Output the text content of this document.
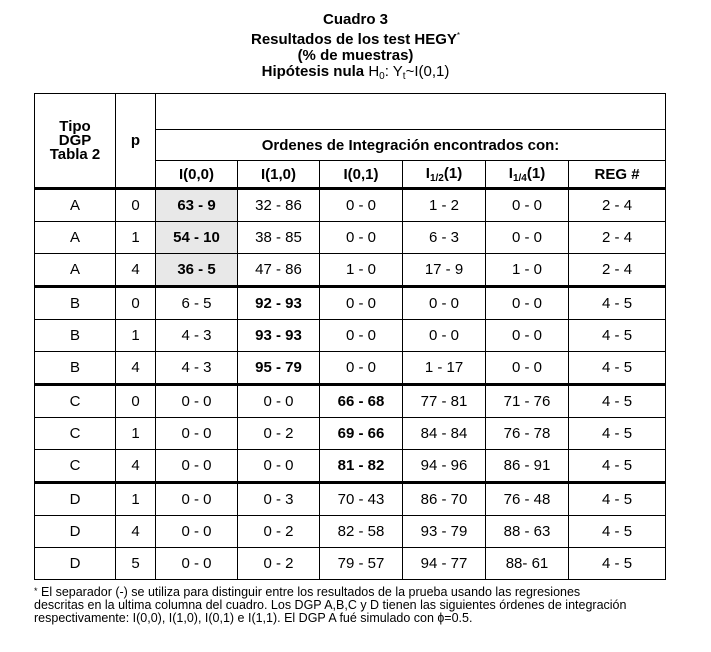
Cuadro 3
Resultados de los test HEGY*
(% de muestras)
Hipótesis nula $H_0$: $Y_t\sim I(0,1)$
Tipo
DGP
Tabla 2	p						
		Ordenes de Integración encontrados con:					
		I(0,0)	I(1,0)	I(0,1)	$I_{1/2}(1)$	$I_{1/4}(1)$	REG #
A	0	63 - 9	32 - 86	0 - 0	1 - 2	0 - 0	2 - 4
A	1	54 - 10	38 - 85	0 - 0	6 - 3	0 - 0	2 - 4
A	4	36 - 5	47 - 86	1 - 0	17 - 9	1 - 0	2 - 4
B	0	6 - 5	92 - 93	0 - 0	0 - 0	0 - 0	4 - 5
B	1	4 - 3	93 - 93	0 - 0	0 - 0	0 - 0	4 - 5
B	4	4 - 3	95 - 79	0 - 0	1 - 17	0 - 0	4 - 5
C	0	0 - 0	0 - 0	66 - 68	77 - 81	71 - 76	4 - 5
C	1	0 - 0	0 - 2	69 - 66	84 - 84	76 - 78	4 - 5
C	4	0 - 0	0 - 0	81 - 82	94 - 96	86 - 91	4 - 5
D	1	0 - 0	0 - 3	70 - 43	86 - 70	76 - 48	4 - 5
D	4	0 - 0	0 - 2	82 - 58	93 - 79	88 - 63	4 - 5
D	5	0 - 0	0 - 2	79 - 57	94 - 77	88- 61	4 - 5
* El separador (-) se utiliza para distinguir entre los resultados de la prueba usando las regresiones
descritas en la ultima columna del cuadro. Los DGP A,B,C y D tienen las siguientes órdenes de integración
respectivamente: I(0,0), I(1,0), I(0,1) e I(1,1). El DGP A fué simulado con ɸ=0.5.
